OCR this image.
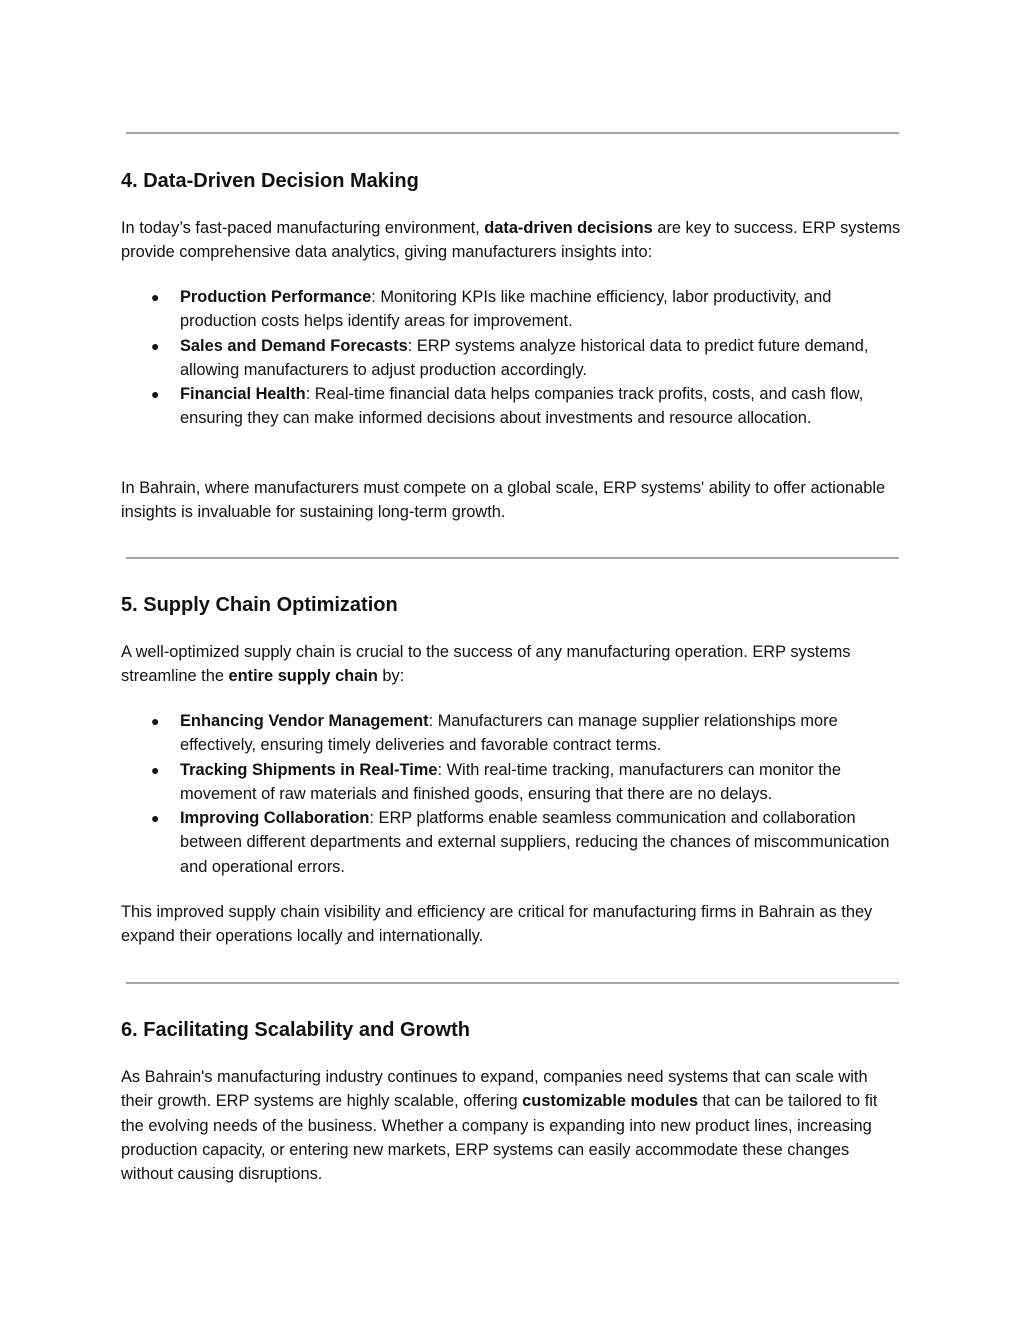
4. Data-Driven Decision Making

In today’s fast-paced manufacturing environment, data-driven decisions are key to success. ERP systems provide comprehensive data analytics, giving manufacturers insights into:

● Production Performance: Monitoring KPIs like machine efficiency, labor productivity, and production costs helps identify areas for improvement.
● Sales and Demand Forecasts: ERP systems analyze historical data to predict future demand, allowing manufacturers to adjust production accordingly.
● Financial Health: Real-time financial data helps companies track profits, costs, and cash flow, ensuring they can make informed decisions about investments and resource allocation.

In Bahrain, where manufacturers must compete on a global scale, ERP systems' ability to offer actionable insights is invaluable for sustaining long-term growth.

5. Supply Chain Optimization

A well-optimized supply chain is crucial to the success of any manufacturing operation. ERP systems streamline the entire supply chain by:

● Enhancing Vendor Management: Manufacturers can manage supplier relationships more effectively, ensuring timely deliveries and favorable contract terms.
● Tracking Shipments in Real-Time: With real-time tracking, manufacturers can monitor the movement of raw materials and finished goods, ensuring that there are no delays.
● Improving Collaboration: ERP platforms enable seamless communication and collaboration between different departments and external suppliers, reducing the chances of miscommunication and operational errors.

This improved supply chain visibility and efficiency are critical for manufacturing firms in Bahrain as they expand their operations locally and internationally.

6. Facilitating Scalability and Growth

As Bahrain's manufacturing industry continues to expand, companies need systems that can scale with their growth. ERP systems are highly scalable, offering customizable modules that can be tailored to fit the evolving needs of the business. Whether a company is expanding into new product lines, increasing production capacity, or entering new markets, ERP systems can easily accommodate these changes without causing disruptions.
